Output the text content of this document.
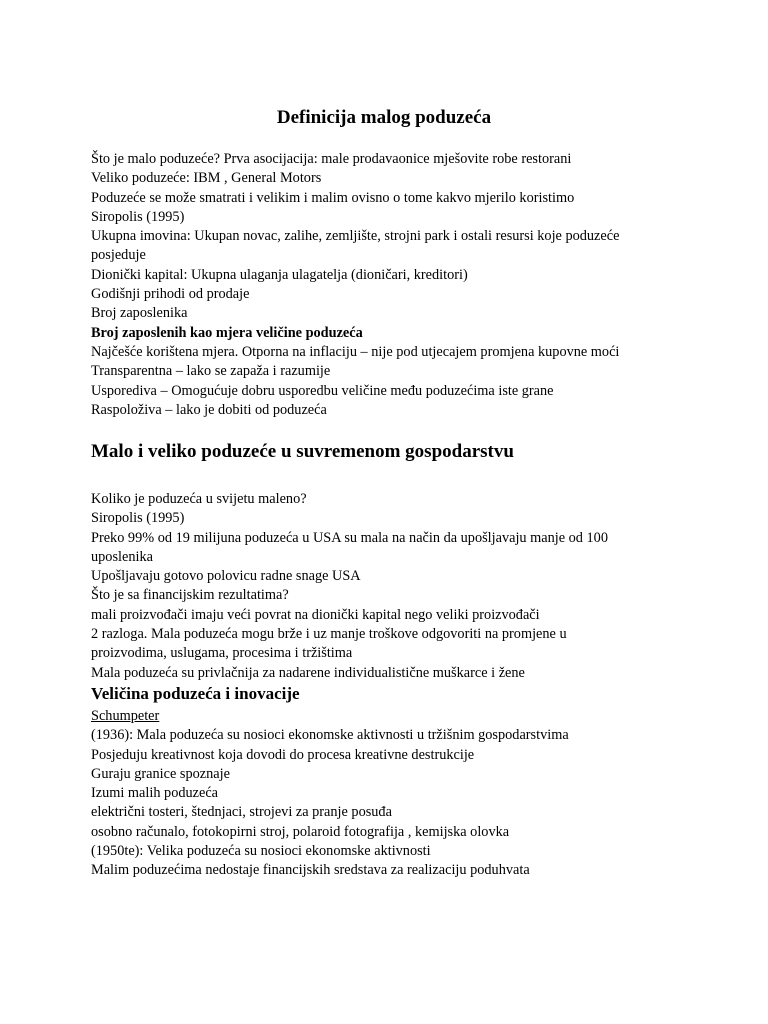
Definicija malog poduzeća
Što je malo poduzeće? Prva asocijacija: male prodavaonice mješovite robe restorani
Veliko poduzeće: IBM , General Motors
Poduzeće se može smatrati i velikim i malim ovisno o tome kakvo mjerilo koristimo
Siropolis (1995)
Ukupna imovina: Ukupan novac, zalihe, zemljište, strojni park i ostali resursi koje poduzeće
posjeduje
Dionički kapital: Ukupna ulaganja ulagatelja (dioničari, kreditori)
Godišnji prihodi od prodaje
Broj zaposlenika
Broj zaposlenih kao mjera veličine poduzeća
Najčešće korištena mjera. Otporna na inflaciju – nije pod utjecajem promjena kupovne moći
Transparentna – lako se zapaža i razumije
Usporediva – Omogućuje dobru usporedbu veličine među poduzećima iste grane
Raspoloživa – lako je dobiti od poduzeća
Malo i veliko poduzeće u suvremenom gospodarstvu
Koliko je poduzeća u svijetu maleno?
Siropolis (1995)
Preko 99% od 19 milijuna poduzeća u USA su mala na način da upošljavaju manje od 100
uposlenika
Upošljavaju gotovo polovicu radne snage USA
Što je sa financijskim rezultatima?
mali proizvođači imaju veći povrat na dionički kapital nego veliki proizvođači
2 razloga. Mala poduzeća mogu brže i uz manje troškove odgovoriti na promjene u
proizvodima, uslugama, procesima i tržištima
Mala poduzeća su privlačnija za nadarene individualistične muškarce i žene
Veličina poduzeća i inovacije
Schumpeter
(1936): Mala poduzeća su nosioci ekonomske aktivnosti u tržišnim gospodarstvima
Posjeduju kreativnost koja dovodi do procesa kreativne destrukcije
Guraju granice spoznaje
Izumi malih poduzeća
električni tosteri, štednjaci, strojevi za pranje posuđa
osobno računalo, fotokopirni stroj, polaroid fotografija , kemijska olovka
(1950te): Velika poduzeća su nosioci ekonomske aktivnosti
Malim poduzećima nedostaje financijskih sredstava za realizaciju poduhvata
